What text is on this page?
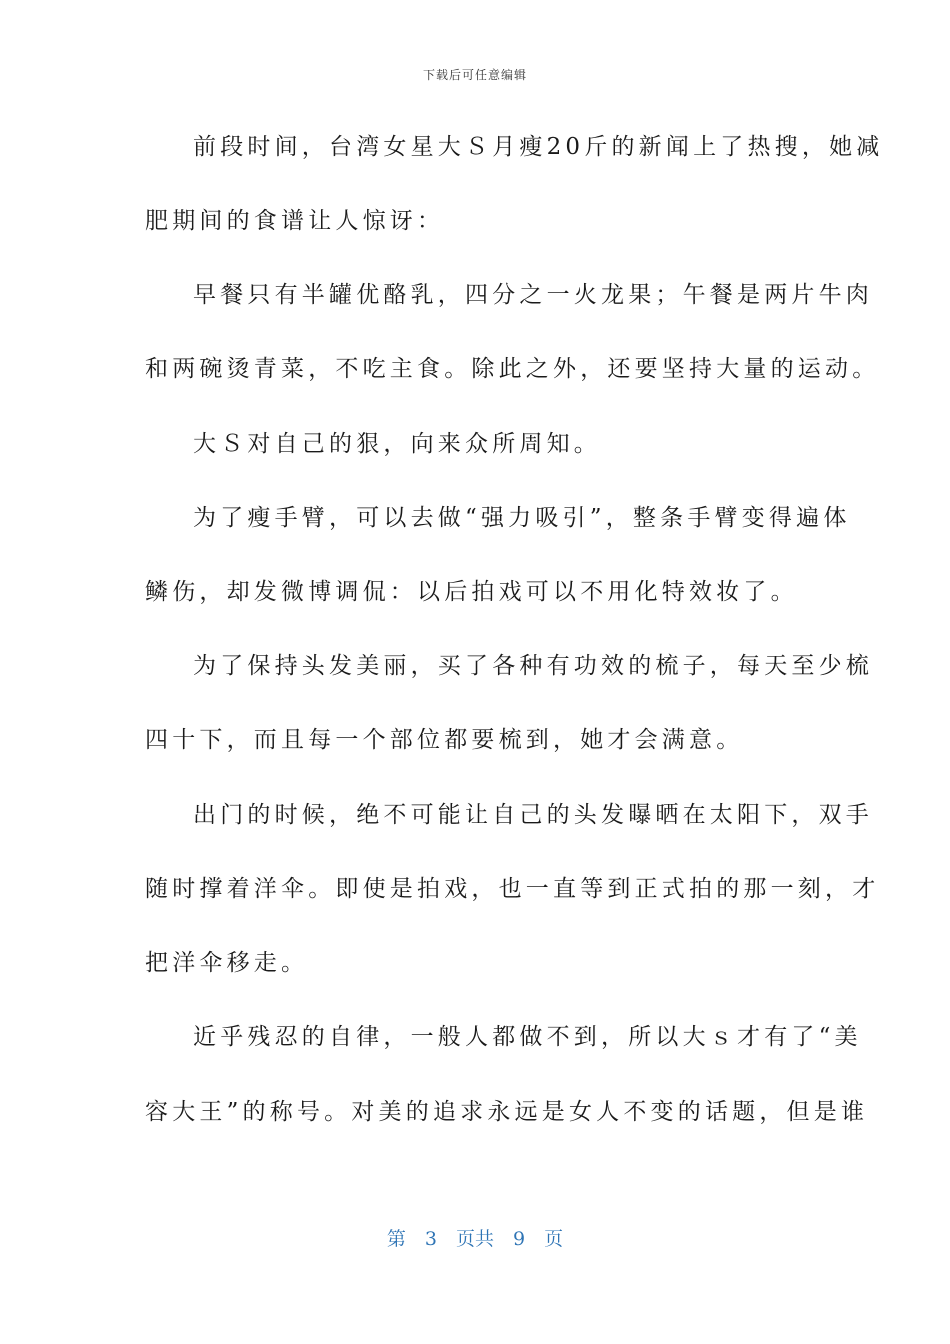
下载后可任意编辑
前段时间，台湾女星大Ｓ月瘦20斤的新闻上了热搜，她减
肥期间的食谱让人惊讶：
早餐只有半罐优酪乳，四分之一火龙果；午餐是两片牛肉
和两碗烫青菜，不吃主食。除此之外，还要坚持大量的运动。
大Ｓ对自己的狠，向来众所周知。
为了瘦手臂，可以去做“强力吸引”，整条手臂变得遍体
鳞伤，却发微博调侃：以后拍戏可以不用化特效妆了。
为了保持头发美丽，买了各种有功效的梳子，每天至少梳
四十下，而且每一个部位都要梳到，她才会满意。
出门的时候，绝不可能让自己的头发曝晒在太阳下，双手
随时撑着洋伞。即使是拍戏，也一直等到正式拍的那一刻，才
把洋伞移走。
近乎残忍的自律，一般人都做不到，所以大ｓ才有了“美
容大王”的称号。对美的追求永远是女人不变的话题，但是谁
第　3　页共　9　页
